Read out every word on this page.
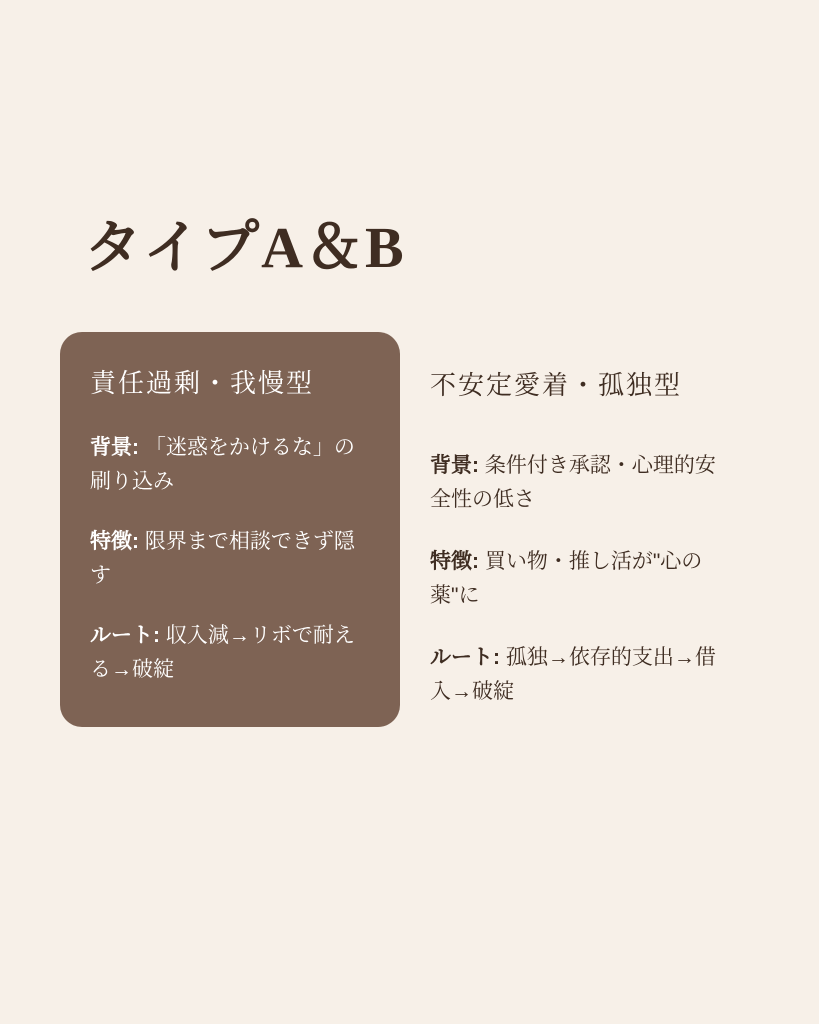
タイプA＆B
責任過剰・我慢型
背景: 「迷惑をかけるな」の刷り込み
特徴: 限界まで相談できず隠す
ルート: 収入減→リボで耐える→破綻
不安定愛着・孤独型
背景: 条件付き承認・心理的安全性の低さ
特徴: 買い物・推し活が"心の薬"に
ルート: 孤独→依存的支出→借入→破綻
